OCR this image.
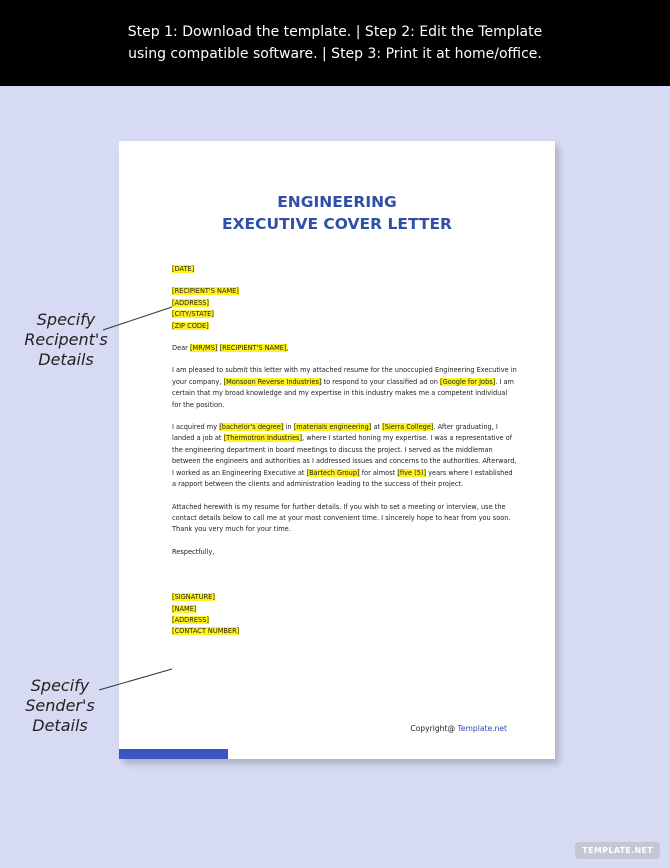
Step 1: Download the template. | Step 2: Edit the Template
using compatible software. | Step 3: Print it at home/office.
ENGINEERING
EXECUTIVE COVER LETTER
[DATE]
[RECIPIENT'S NAME]
[ADDRESS]
[CITY/STATE]
[ZIP CODE]

Dear [MR/MS] [RECIPIENT'S NAME],

I am pleased to submit this letter with my attached resume for the unoccupied Engineering Executive in your company, [Monsoon Reverse Industries] to respond to your classified ad on [Google for Jobs]. I am certain that my broad knowledge and my expertise in this industry makes me a competent individual for the position.

I acquired my [bachelor's degree] in [materials engineering] at [Sierra College]. After graduating, I landed a job at [Thermotron Industries], where I started honing my expertise. I was a representative of the engineering department in board meetings to discuss the project. I served as the middleman between the engineers and authorities as I addressed issues and concerns to the authorities. Afterward, I worked as an Engineering Executive at [Bartech Group] for almost [five (5)] years where I established a rapport between the clients and administration leading to the success of their project.

Attached herewith is my resume for further details. If you wish to set a meeting or interview, use the contact details below to call me at your most convenient time. I sincerely hope to hear from you soon. Thank you very much for your time.

Respectfully,

[SIGNATURE]
[NAME]
[ADDRESS]
[CONTACT NUMBER]
Copyright@ Template.net
Specify
Recipent's
Details
Specify
Sender's
Details
TEMPLATE.NET
